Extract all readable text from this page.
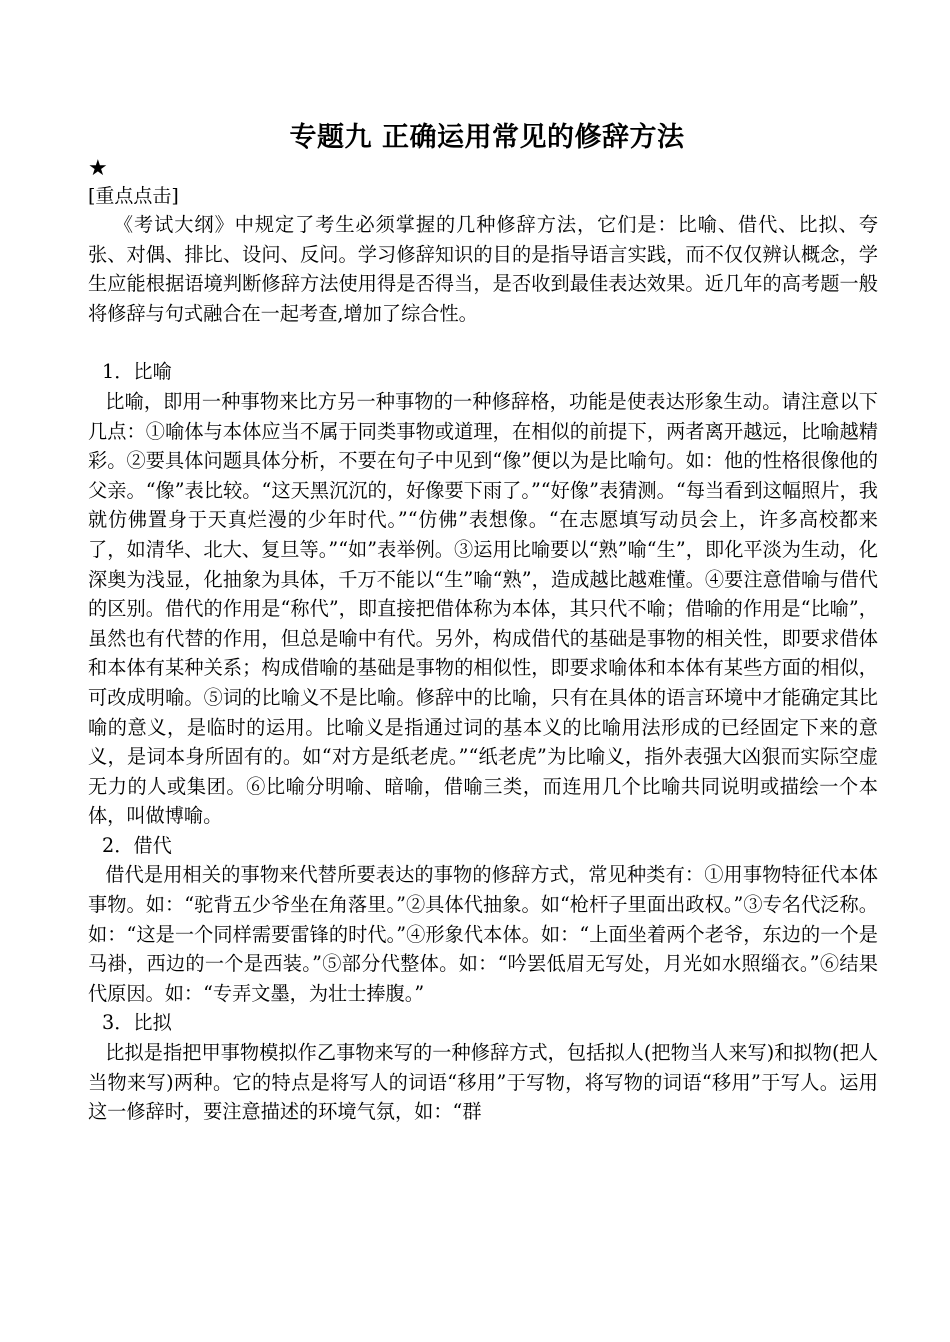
专题九 正确运用常见的修辞方法
★
[重点点击]

《考试大纲》中规定了考生必须掌握的几种修辞方法，它们是：比喻、借代、比拟、夸张、对偶、排比、设问、反问。学习修辞知识的目的是指导语言实践，而不仅仅辨认概念，学生应能根据语境判断修辞方法使用得是否得当，是否收到最佳表达效果。近几年的高考题一般将修辞与句式融合在一起考查,增加了综合性。

1．比喻

比喻，即用一种事物来比方另一种事物的一种修辞格，功能是使表达形象生动。请注意以下几点：①喻体与本体应当不属于同类事物或道理，在相似的前提下，两者离开越远，比喻越精彩。②要具体问题具体分析，不要在句子中见到“像”便以为是比喻句。如：他的性格很像他的父亲。“像”表比较。“这天黑沉沉的，好像要下雨了。”“好像”表猜测。“每当看到这幅照片，我就仿佛置身于天真烂漫的少年时代。”“仿佛”表想像。“在志愿填写动员会上，许多高校都来了，如清华、北大、复旦等。”“如”表举例。③运用比喻要以“熟”喻“生”，即化平淡为生动，化深奥为浅显，化抽象为具体，千万不能以“生”喻“熟”，造成越比越难懂。④要注意借喻与借代的区别。借代的作用是“称代”，即直接把借体称为本体，其只代不喻；借喻的作用是“比喻”，虽然也有代替的作用，但总是喻中有代。另外，构成借代的基础是事物的相关性，即要求借体和本体有某种关系；构成借喻的基础是事物的相似性，即要求喻体和本体有某些方面的相似，可改成明喻。⑤词的比喻义不是比喻。修辞中的比喻，只有在具体的语言环境中才能确定其比喻的意义，是临时的运用。比喻义是指通过词的基本义的比喻用法形成的已经固定下来的意义，是词本身所固有的。如“对方是纸老虎。”“纸老虎”为比喻义，指外表强大凶狠而实际空虚无力的人或集团。⑥比喻分明喻、暗喻，借喻三类，而连用几个比喻共同说明或描绘一个本体，叫做博喻。

2．借代

借代是用相关的事物来代替所要表达的事物的修辞方式，常见种类有：①用事物特征代本体事物。如：“驼背五少爷坐在角落里。”②具体代抽象。如“枪杆子里面出政权。”③专名代泛称。如：“这是一个同样需要雷锋的时代。”④形象代本体。如：“上面坐着两个老爷，东边的一个是马褂，西边的一个是西装。”⑤部分代整体。如：“吟罢低眉无写处，月光如水照缁衣。”⑥结果代原因。如：“专弄文墨，为壮士捧腹。”

3．比拟

比拟是指把甲事物模拟作乙事物来写的一种修辞方式，包括拟人(把物当人来写)和拟物(把人当物来写)两种。它的特点是将写人的词语“移用”于写物，将写物的词语“移用”于写人。运用这一修辞时，要注意描述的环境气氛，如：“群
